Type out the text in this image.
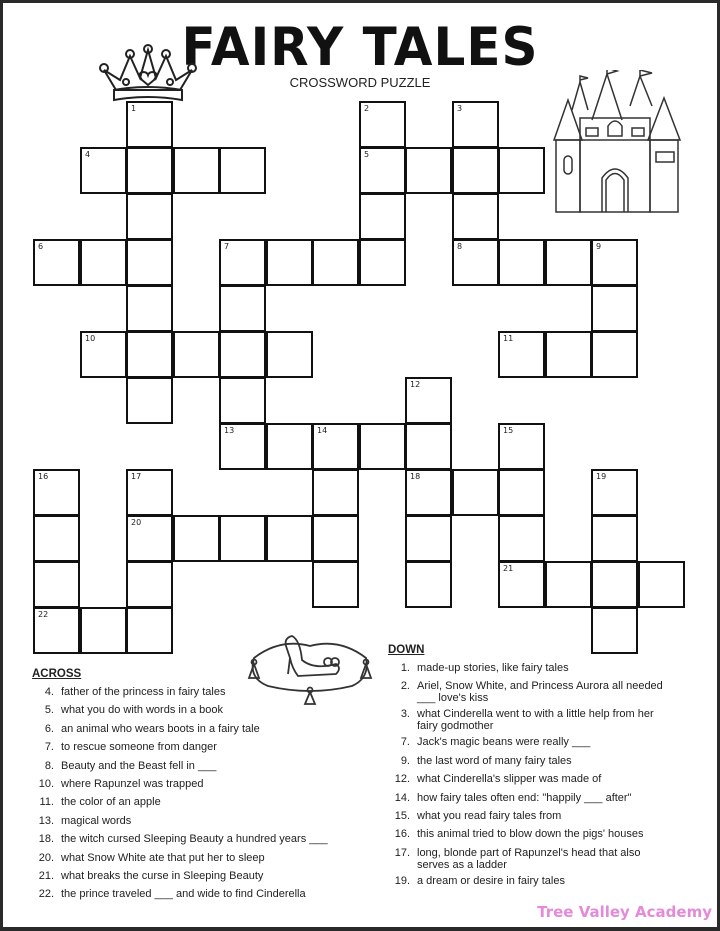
FAIRY TALES
CROSSWORD PUZZLE
1	2	3
4	5
6	7	8	9
10	11
12
13	14	15
16	17	18	19
20
21
22
ACROSS
4. father of the princess in fairy tales
5. what you do with words in a book
6. an animal who wears boots in a fairy tale
7. to rescue someone from danger
8. Beauty and the Beast fell in ___
10. where Rapunzel was trapped
11. the color of an apple
13. magical words
18. the witch cursed Sleeping Beauty a hundred years ___
20. what Snow White ate that put her to sleep
21. what breaks the curse in Sleeping Beauty
22. the prince traveled ___ and wide to find Cinderella
DOWN
1. made-up stories, like fairy tales
2. Ariel, Snow White, and Princess Aurora all needed
___ love's kiss
3. what Cinderella went to with a little help from her
fairy godmother
7. Jack's magic beans were really ___
9. the last word of many fairy tales
12. what Cinderella's slipper was made of
14. how fairy tales often end: "happily ___ after"
15. what you read fairy tales from
16. this animal tried to blow down the pigs' houses
17. long, blonde part of Rapunzel's head that also
serves as a ladder
19. a dream or desire in fairy tales
Tree Valley Academy
